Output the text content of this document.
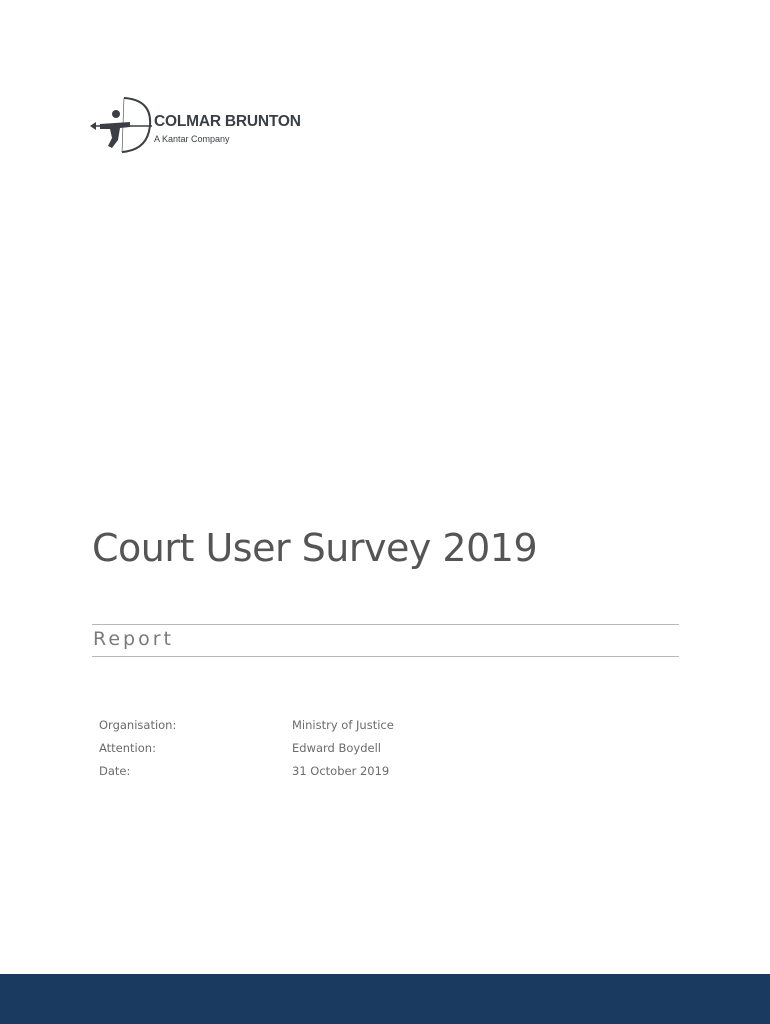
COLMAR BRUNTON
A Kantar Company
Court User Survey 2019
Report
Organisation:	Ministry of Justice
Attention:	Edward Boydell
Date:	31 October 2019
